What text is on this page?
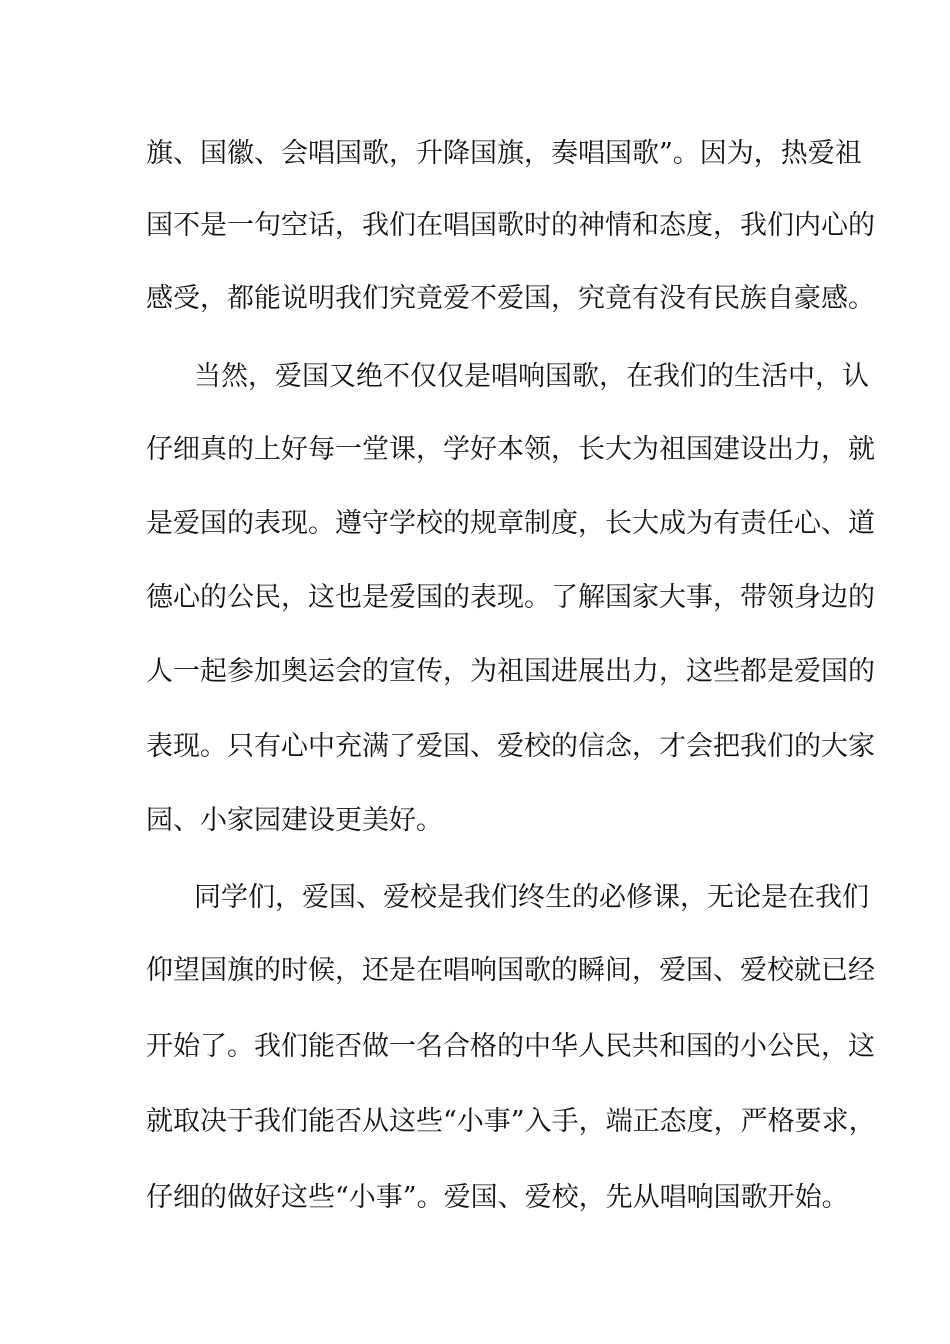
旗、国徽、会唱国歌，升降国旗，奏唱国歌”。因为，热爱祖
国不是一句空话，我们在唱国歌时的神情和态度，我们内心的
感受，都能说明我们究竟爱不爱国，究竟有没有民族自豪感。
当然，爱国又绝不仅仅是唱响国歌，在我们的生活中，认
仔细真的上好每一堂课，学好本领，长大为祖国建设出力，就
是爱国的表现。遵守学校的规章制度，长大成为有责任心、道
德心的公民，这也是爱国的表现。了解国家大事，带领身边的
人一起参加奥运会的宣传，为祖国进展出力，这些都是爱国的
表现。只有心中充满了爱国、爱校的信念，才会把我们的大家
园、小家园建设更美好。
同学们，爱国、爱校是我们终生的必修课，无论是在我们
仰望国旗的时候，还是在唱响国歌的瞬间，爱国、爱校就已经
开始了。我们能否做一名合格的中华人民共和国的小公民，这
就取决于我们能否从这些“小事”入手，端正态度，严格要求，
仔细的做好这些“小事”。爱国、爱校，先从唱响国歌开始。
